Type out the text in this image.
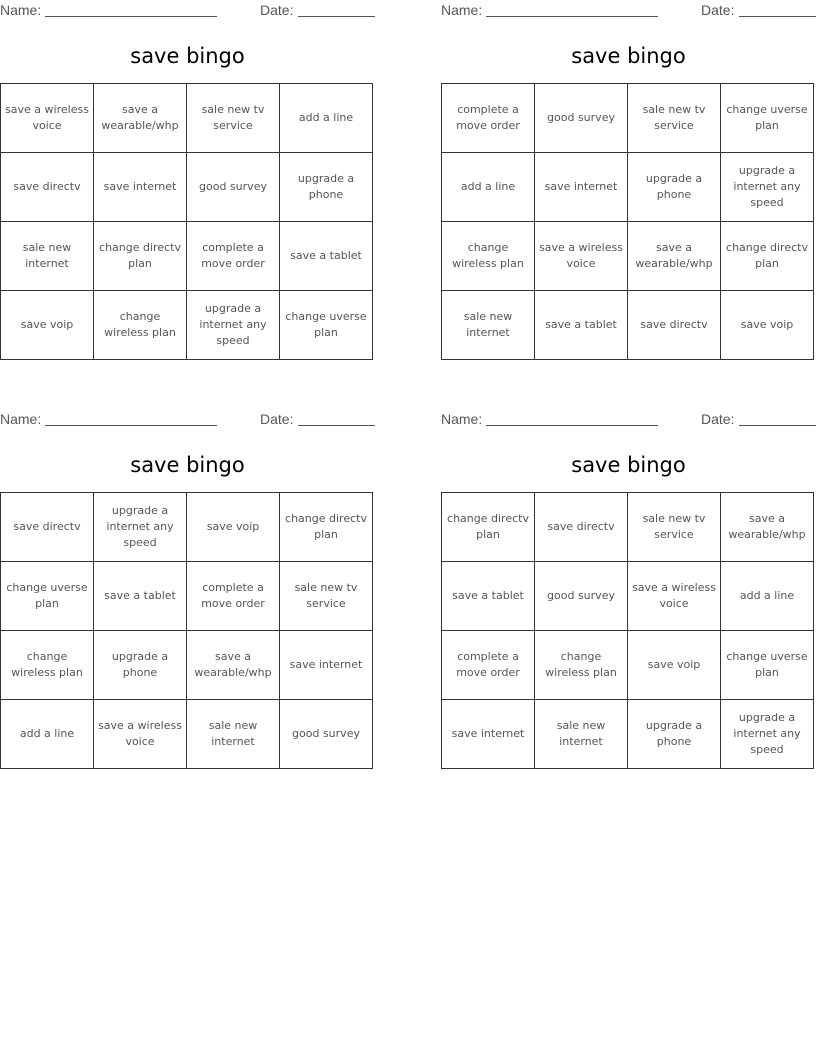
Name:	Date:
save bingo
save a wireless voice	save a wearable/whp	sale new tv service	add a line
save directv	save internet	good survey	upgrade a phone
sale new internet	change directv plan	complete a move order	save a tablet
save voip	change wireless plan	upgrade a internet any speed	change uverse plan
Name:	Date:
save bingo
complete a move order	good survey	sale new tv service	change uverse plan
add a line	save internet	upgrade a phone	upgrade a internet any speed
change wireless plan	save a wireless voice	save a wearable/whp	change directv plan
sale new internet	save a tablet	save directv	save voip
Name:	Date:
save bingo
save directv	upgrade a internet any speed	save voip	change directv plan
change uverse plan	save a tablet	complete a move order	sale new tv service
change wireless plan	upgrade a phone	save a wearable/whp	save internet
add a line	save a wireless voice	sale new internet	good survey
Name:	Date:
save bingo
change directv plan	save directv	sale new tv service	save a wearable/whp
save a tablet	good survey	save a wireless voice	add a line
complete a move order	change wireless plan	save voip	change uverse plan
save internet	sale new internet	upgrade a phone	upgrade a internet any speed
